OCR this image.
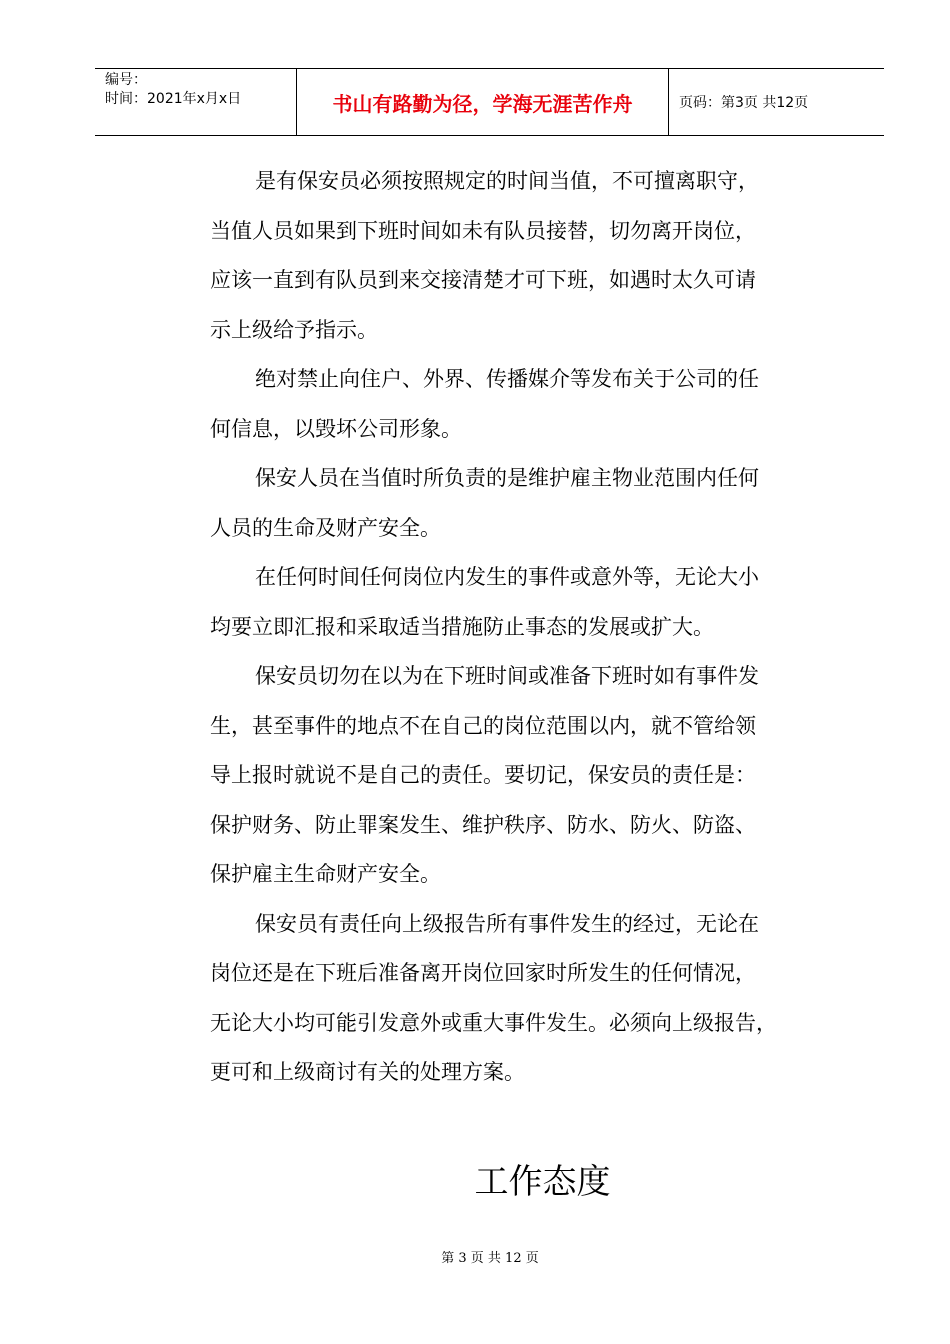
编号：
时间：2021年x月x日	书山有路勤为径，学海无涯苦作舟	页码：第3页 共12页
是有保安员必须按照规定的时间当值，不可擅离职守，
当值人员如果到下班时间如未有队员接替，切勿离开岗位，
应该一直到有队员到来交接清楚才可下班，如遇时太久可请
示上级给予指示。
绝对禁止向住户、外界、传播媒介等发布关于公司的任
何信息，以毁坏公司形象。
保安人员在当值时所负责的是维护雇主物业范围内任何
人员的生命及财产安全。
在任何时间任何岗位内发生的事件或意外等，无论大小
均要立即汇报和采取适当措施防止事态的发展或扩大。
保安员切勿在以为在下班时间或准备下班时如有事件发
生，甚至事件的地点不在自己的岗位范围以内，就不管给领
导上报时就说不是自己的责任。要切记，保安员的责任是：
保护财务、防止罪案发生、维护秩序、防水、防火、防盗、
保护雇主生命财产安全。
保安员有责任向上级报告所有事件发生的经过，无论在
岗位还是在下班后准备离开岗位回家时所发生的任何情况，
无论大小均可能引发意外或重大事件发生。必须向上级报告，
更可和上级商讨有关的处理方案。
工作态度
第 3 页 共 12 页
